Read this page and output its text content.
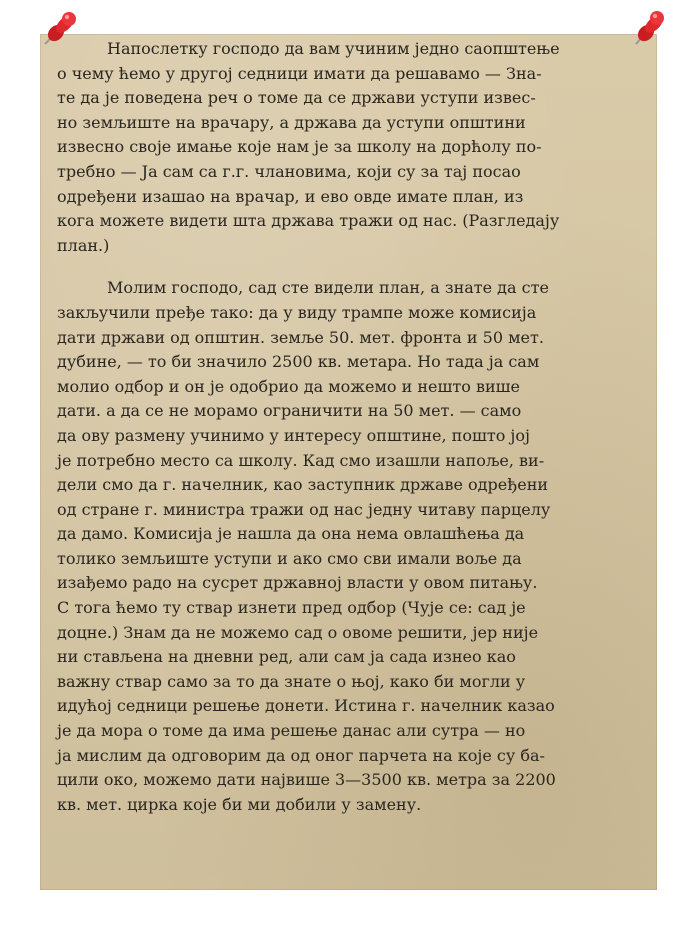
Напослетку господо да вам учиним једно саопштење
о чему ћемо у другој седници имати да решавамо — Зна-
те да је поведена реч о томе да се држави уступи извес-
но земљиште на врачару, а држава да уступи општини
извесно своје имање које нам је за школу на дорћолу по-
требно — Ја сам са г.г. члановима, који су за тај посао
одређени изашао на врачар, и ево овде имате план, из
кога можете видети шта држава тражи од нас. (Разгледају
план.)
Молим господо, сад сте видели план, а знате да сте
закључили пређе тако: да у виду трампе може комисија
дати држави од општин. земље 50. мет. фронта и 50 мет.
дубине, — то би значило 2500 кв. метара. Но тада ја сам
молио одбор и он је одобрио да можемо и нешто више
дати. а да се не морамо ограничити на 50 мет. — само
да ову размену учинимо у интересу општине, пошто јој
је потребно место са школу. Кад смо изашли напоље, ви-
дели смо да г. начелник, као заступник државе одређени
од стране г. министра тражи од нас једну читаву парцелу
да дамо. Комисија је нашла да она нема овлашћења да
толико земљиште уступи и ако смо сви имали воље да
изађемо радо на сусрет државној власти у овом питању.
С тога ћемо ту ствар изнети пред одбор (Чује се: сад је
доцне.) Знам да не можемо сад о овоме решити, јер није
ни стављена на дневни ред, али сам ја сада изнео као
важну ствар само за то да знате о њој, како би могли у
идућој седници решење донети. Истина г. начелник казао
је да мора о томе да има решење данас али сутра — но
ја мислим да одговорим да од оног парчета на које су ба-
цили око, можемо дати највише 3—3500 кв. метра за 2200
кв. мет. цирка које би ми добили у замену.
